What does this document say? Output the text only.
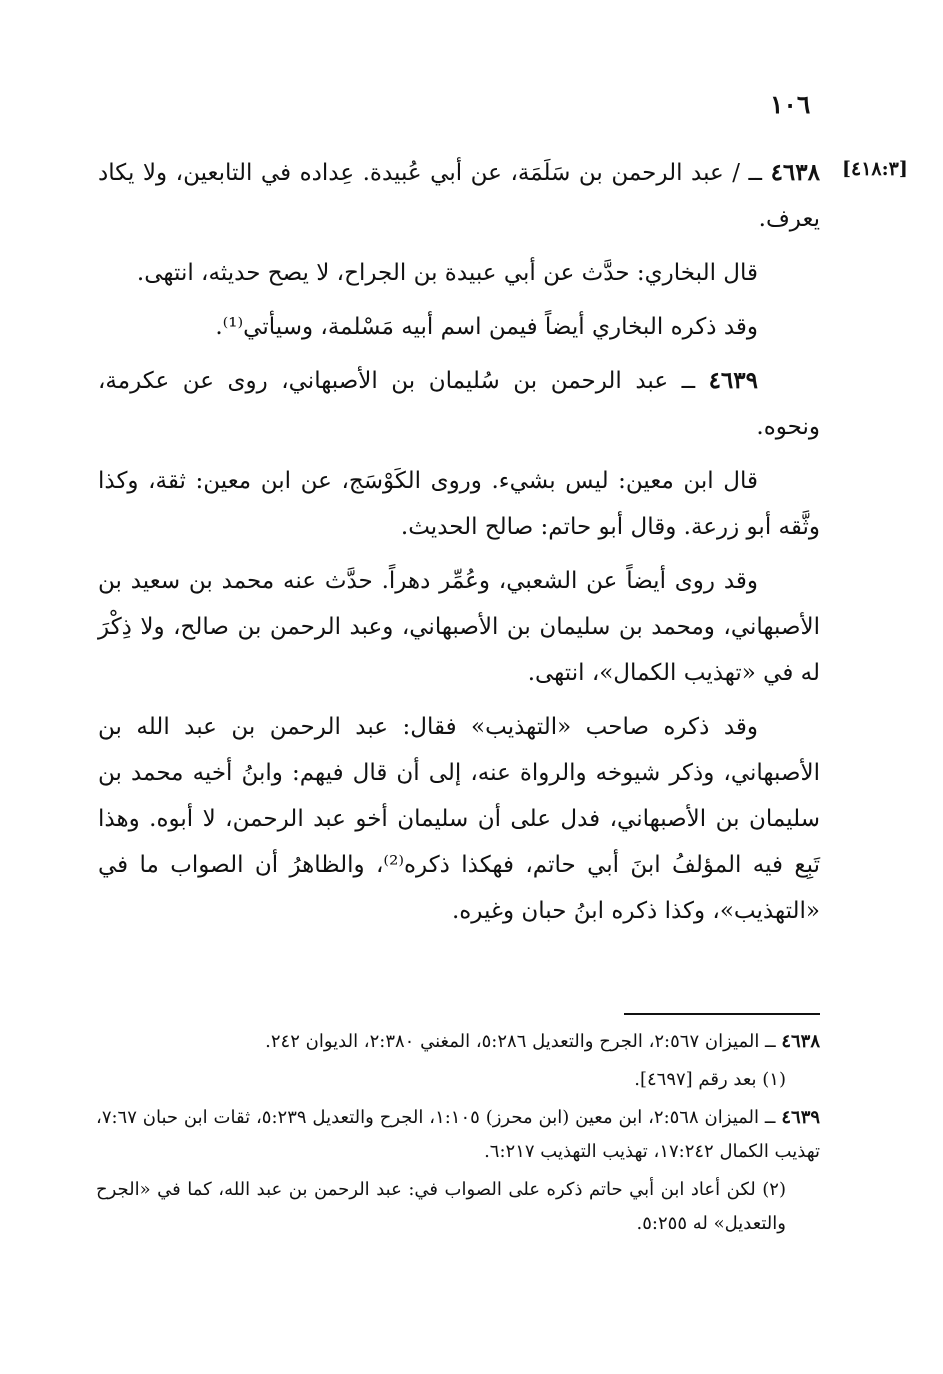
١٠٦
[٤١٨:٣]

٤٦٣٨ ــ / عبد الرحمن بن سَلَمَة، عن أبي عُبيدة. عِداده في التابعين، ولا يكاد يعرف.

قال البخاري: حدَّث عن أبي عبيدة بن الجراح، لا يصح حديثه، انتهى.

وقد ذكره البخاري أيضاً فيمن اسم أبيه مَسْلمة، وسيأتي⁽¹⁾.

٤٦٣٩ ــ عبد الرحمن بن سُليمان بن الأصبهاني، روى عن عكرمة، ونحوه.

قال ابن معين: ليس بشيء. وروى الكَوْسَج، عن ابن معين: ثقة، وكذا وثَّقه أبو زرعة. وقال أبو حاتم: صالح الحديث.

وقد روى أيضاً عن الشعبي، وعُمِّر دهراً. حدَّث عنه محمد بن سعيد بن الأصبهاني، ومحمد بن سليمان بن الأصبهاني، وعبد الرحمن بن صالح، ولا ذِكْرَ له في «تهذيب الكمال»، انتهى.

وقد ذكره صاحب «التهذيب» فقال: عبد الرحمن بن عبد الله بن الأصبهاني، وذكر شيوخه والرواة عنه، إلى أن قال فيهم: وابنُ أخيه محمد بن سليمان بن الأصبهاني، فدل على أن سليمان أخو عبد الرحمن، لا أبوه. وهذا تَبِع فيه المؤلفُ ابنَ أبي حاتم، فهكذا ذكره⁽²⁾، والظاهرُ أن الصواب ما في «التهذيب»، وكذا ذكره ابنُ حبان وغيره.

٤٦٣٨ ــ الميزان ٢:٥٦٧، الجرح والتعديل ٥:٢٨٦، المغني ٢:٣٨٠، الديوان ٢٤٢.

(١) بعد رقم [٤٦٩٧].

٤٦٣٩ ــ الميزان ٢:٥٦٨، ابن معين (ابن محرز) ١:١٠٥، الجرح والتعديل ٥:٢٣٩، ثقات ابن حبان ٧:٦٧، تهذيب الكمال ١٧:٢٤٢، تهذيب التهذيب ٦:٢١٧.

(٢) لكن أعاد ابن أبي حاتم ذكره على الصواب في: عبد الرحمن بن عبد الله، كما في «الجرح والتعديل» له ٥:٢٥٥.
